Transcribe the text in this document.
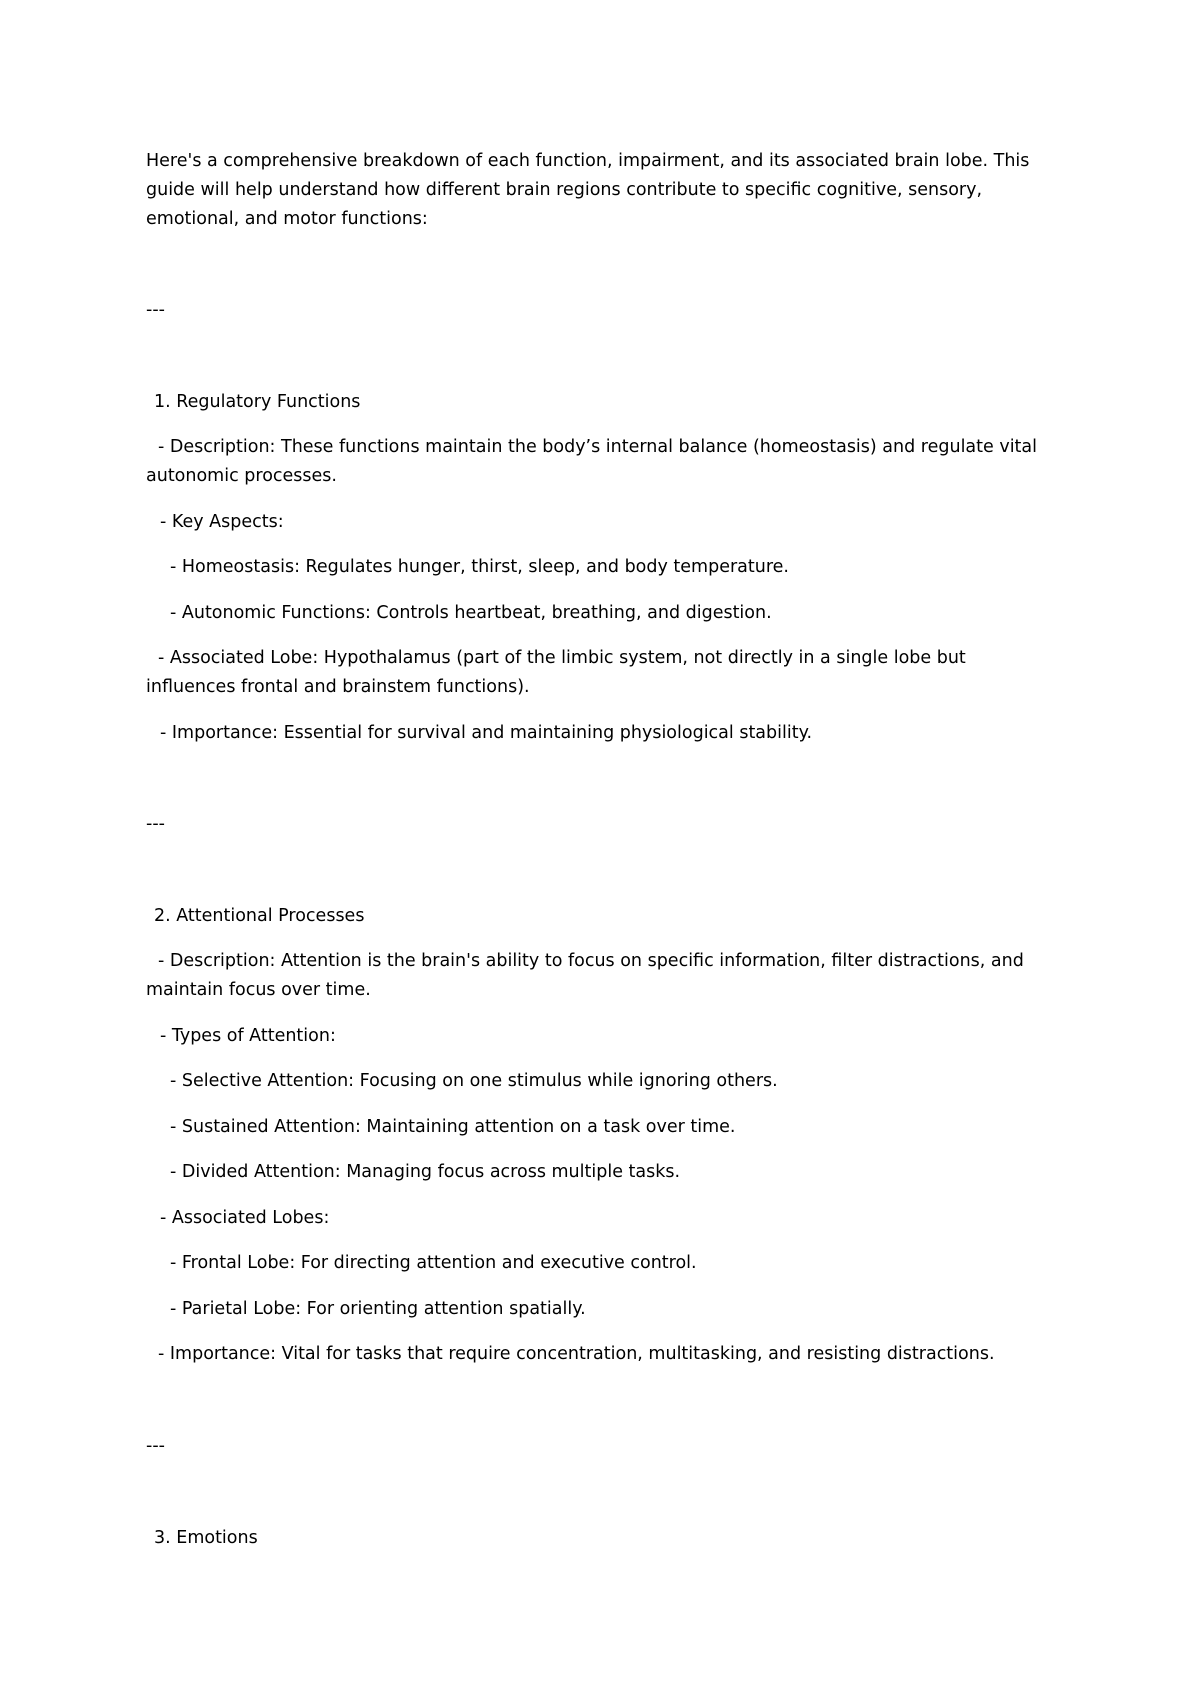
Here's a comprehensive breakdown of each function, impairment, and its associated brain lobe. This
guide will help understand how different brain regions contribute to specific cognitive, sensory,
emotional, and motor functions:
---
1. Regulatory Functions
- Description: These functions maintain the body’s internal balance (homeostasis) and regulate vital
autonomic processes.
- Key Aspects:
- Homeostasis: Regulates hunger, thirst, sleep, and body temperature.
- Autonomic Functions: Controls heartbeat, breathing, and digestion.
- Associated Lobe: Hypothalamus (part of the limbic system, not directly in a single lobe but
influences frontal and brainstem functions).
- Importance: Essential for survival and maintaining physiological stability.
---
2. Attentional Processes
- Description: Attention is the brain's ability to focus on specific information, filter distractions, and
maintain focus over time.
- Types of Attention:
- Selective Attention: Focusing on one stimulus while ignoring others.
- Sustained Attention: Maintaining attention on a task over time.
- Divided Attention: Managing focus across multiple tasks.
- Associated Lobes:
- Frontal Lobe: For directing attention and executive control.
- Parietal Lobe: For orienting attention spatially.
- Importance: Vital for tasks that require concentration, multitasking, and resisting distractions.
---
3. Emotions
